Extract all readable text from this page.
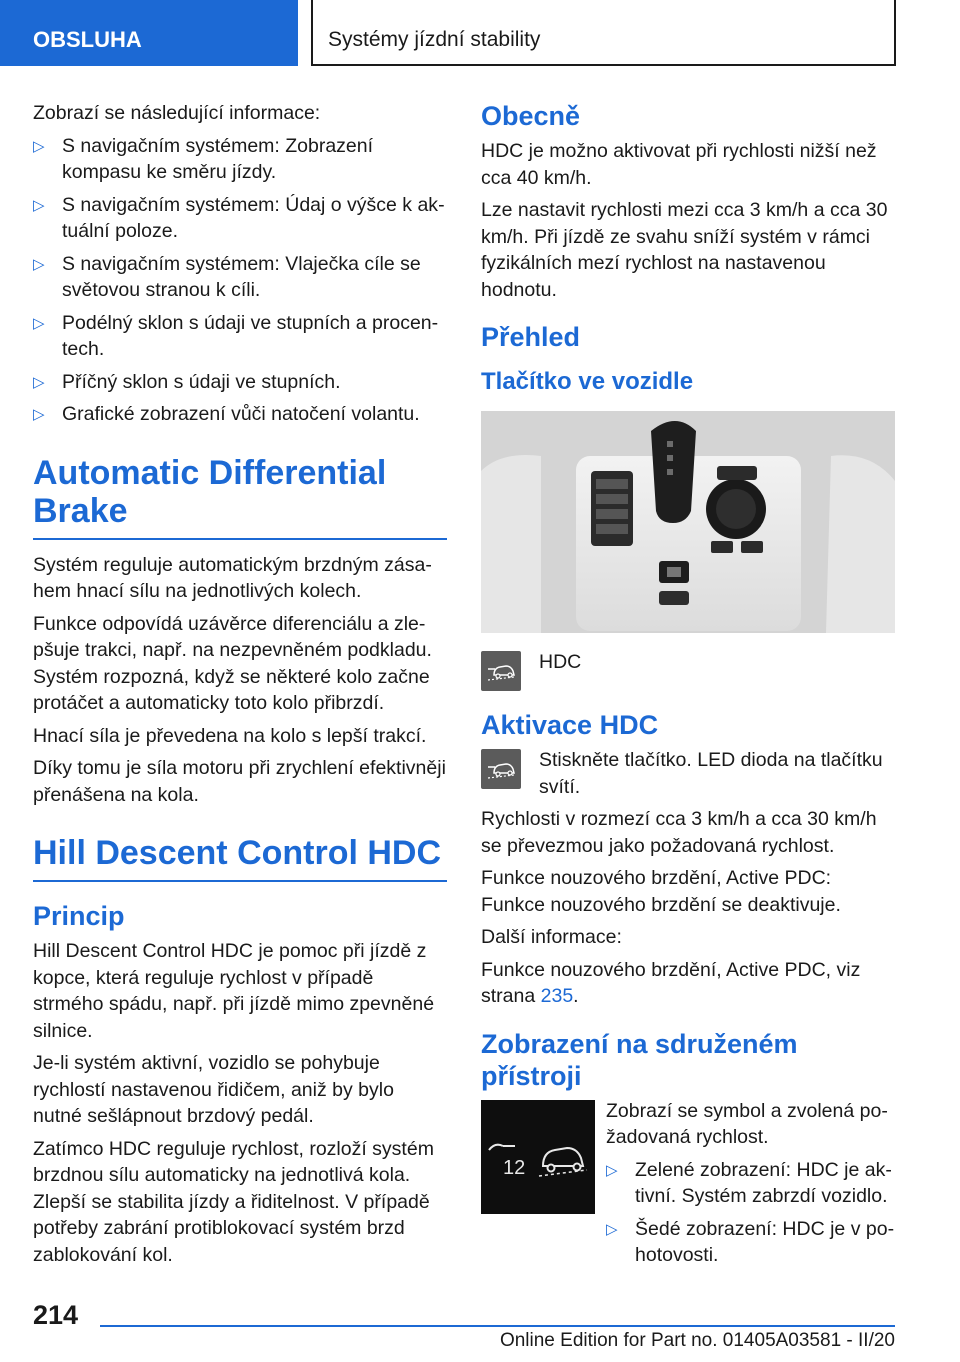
OBSLUHA	Systémy jízdní stability

Zobrazí se následující informace:

▷ S navigačním systémem: Zobrazení kompasu ke směru jízdy.
▷ S navigačním systémem: Údaj o výšce k aktuální poloze.
▷ S navigačním systémem: Vlaječka cíle se světovou stranou k cíli.
▷ Podélný sklon s údaji ve stupních a procentech.
▷ Příčný sklon s údaji ve stupních.
▷ Grafické zobrazení vůči natočení volantu.
Automatic Differential Brake

Systém reguluje automatickým brzdným zásahem hnací sílu na jednotlivých kolech.

Funkce odpovídá uzávěrce diferenciálu a zlepšuje trakci, např. na nezpevněném podkladu. Systém rozpozná, když se některé kolo začne protáčet a automaticky toto kolo přibrzdí.

Hnací síla je převedena na kolo s lepší trakcí.

Díky tomu je síla motoru při zrychlení efektivněji přenášena na kola.

Hill Descent Control HDC
Princip

Hill Descent Control HDC je pomoc při jízdě z kopce, která reguluje rychlost v případě strmého spádu, např. při jízdě mimo zpevněné silnice.

Je-li systém aktivní, vozidlo se pohybuje rychlostí nastavenou řidičem, aniž by bylo nutné sešlápnout brzdový pedál.

Zatímco HDC reguluje rychlost, rozloží systém brzdnou sílu automaticky na jednotlivá kola. Zlepší se stabilita jízdy a řiditelnost. V případě potřeby zabrání protiblokovací systém brzd zablokování kol.

Obecně

HDC je možno aktivovat při rychlosti nižší než cca 40 km/h.

Lze nastavit rychlosti mezi cca 3 km/h a cca 30 km/h. Při jízdě ze svahu sníží systém v rámci fyzikálních mezí rychlost na nastavenou hodnotu.

Přehled
Tlačítko ve vozidle

HDC

Aktivace HDC

Stiskněte tlačítko. LED dioda na tlačítku svítí.

Rychlosti v rozmezí cca 3 km/h a cca 30 km/h se převezmou jako požadovaná rychlost.

Funkce nouzového brzdění, Active PDC: Funkce nouzového brzdění se deaktivuje.

Další informace:

Funkce nouzového brzdění, Active PDC, viz strana 235.

Zobrazení na sdruženém přístroji
12

Zobrazí se symbol a zvolená požadovaná rychlost.

▷ Zelené zobrazení: HDC je aktivní. Systém zabrzdí vozidlo.
▷ Šedé zobrazení: HDC je v pohotovosti.
214
Online Edition for Part no. 01405A03581 - II/20
